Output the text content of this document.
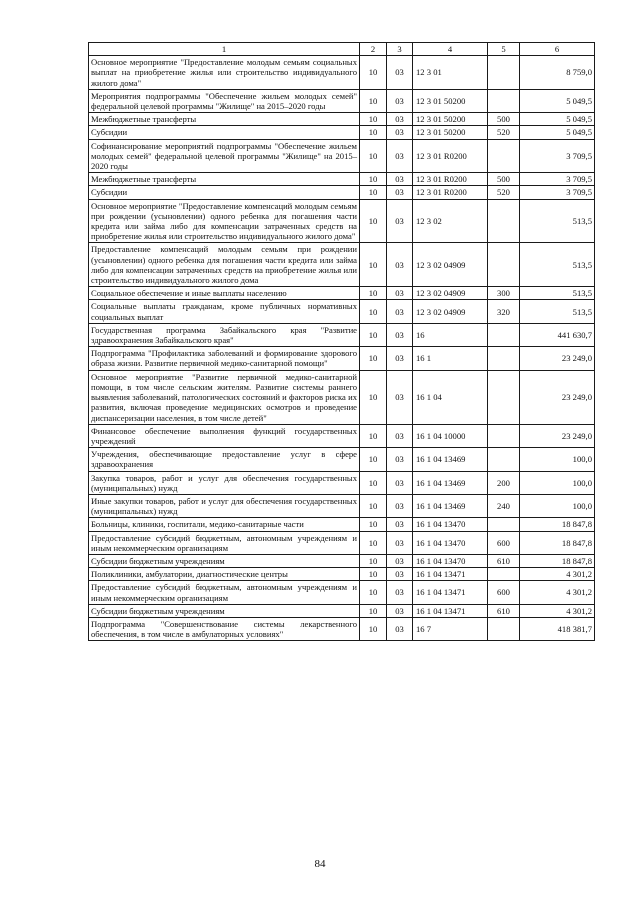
1	2	3	4	5	6
Основное мероприятие "Предоставление молодым семьям социальных выплат на приобретение жилья или строительство индивидуального жилого дома"	10	03	12 3 01		8 759,0
Мероприятия подпрограммы "Обеспечение жильем молодых семей" федеральной целевой программы "Жилище" на 2015–2020 годы	10	03	12 3 01 50200		5 049,5
Межбюджетные трансферты	10	03	12 3 01 50200	500	5 049,5
Субсидии	10	03	12 3 01 50200	520	5 049,5
Софинансирование мероприятий подпрограммы "Обеспечение жильем молодых семей" федеральной целевой программы "Жилище" на 2015–2020 годы	10	03	12 3 01 R0200		3 709,5
Межбюджетные трансферты	10	03	12 3 01 R0200	500	3 709,5
Субсидии	10	03	12 3 01 R0200	520	3 709,5
Основное мероприятие "Предоставление компенсаций молодым семьям при рождении (усыновлении) одного ребенка для погашения части кредита или займа либо для компенсации затраченных средств на приобретение жилья или строительство индивидуального жилого дома"	10	03	12 3 02		513,5
Предоставление компенсаций молодым семьям при рождении (усыновлении) одного ребенка для погашения части кредита или займа либо для компенсации затраченных средств на приобретение жилья или строительство индивидуального жилого дома	10	03	12 3 02 04909		513,5
Социальное обеспечение и иные выплаты населению	10	03	12 3 02 04909	300	513,5
Социальные выплаты гражданам, кроме публичных нормативных социальных выплат	10	03	12 3 02 04909	320	513,5
Государственная программа Забайкальского края "Развитие здравоохранения Забайкальского края"	10	03	16		441 630,7
Подпрограмма "Профилактика заболеваний и формирование здорового образа жизни. Развитие первичной медико-санитарной помощи"	10	03	16 1		23 249,0
Основное мероприятие "Развитие первичной медико-санитарной помощи, в том числе сельским жителям. Развитие системы раннего выявления заболеваний, патологических состояний и факторов риска их развития, включая проведение медицинских осмотров и проведение диспансеризации населения, в том числе детей"	10	03	16 1 04		23 249,0
Финансовое обеспечение выполнения функций государственных учреждений	10	03	16 1 04 10000		23 249,0
Учреждения, обеспечивающие предоставление услуг в сфере здравоохранения	10	03	16 1 04 13469		100,0
Закупка товаров, работ и услуг для обеспечения государственных (муниципальных) нужд	10	03	16 1 04 13469	200	100,0
Иные закупки товаров, работ и услуг для обеспечения государственных (муниципальных) нужд	10	03	16 1 04 13469	240	100,0
Больницы, клиники, госпитали, медико-санитарные части	10	03	16 1 04 13470		18 847,8
Предоставление субсидий бюджетным, автономным учреждениям и иным некоммерческим организациям	10	03	16 1 04 13470	600	18 847,8
Субсидии бюджетным учреждениям	10	03	16 1 04 13470	610	18 847,8
Поликлиники, амбулатории, диагностические центры	10	03	16 1 04 13471		4 301,2
Предоставление субсидий бюджетным, автономным учреждениям и иным некоммерческим организациям	10	03	16 1 04 13471	600	4 301,2
Субсидии бюджетным учреждениям	10	03	16 1 04 13471	610	4 301,2
Подпрограмма "Совершенствование системы лекарственного обеспечения, в том числе в амбулаторных условиях"	10	03	16 7		418 381,7
84
